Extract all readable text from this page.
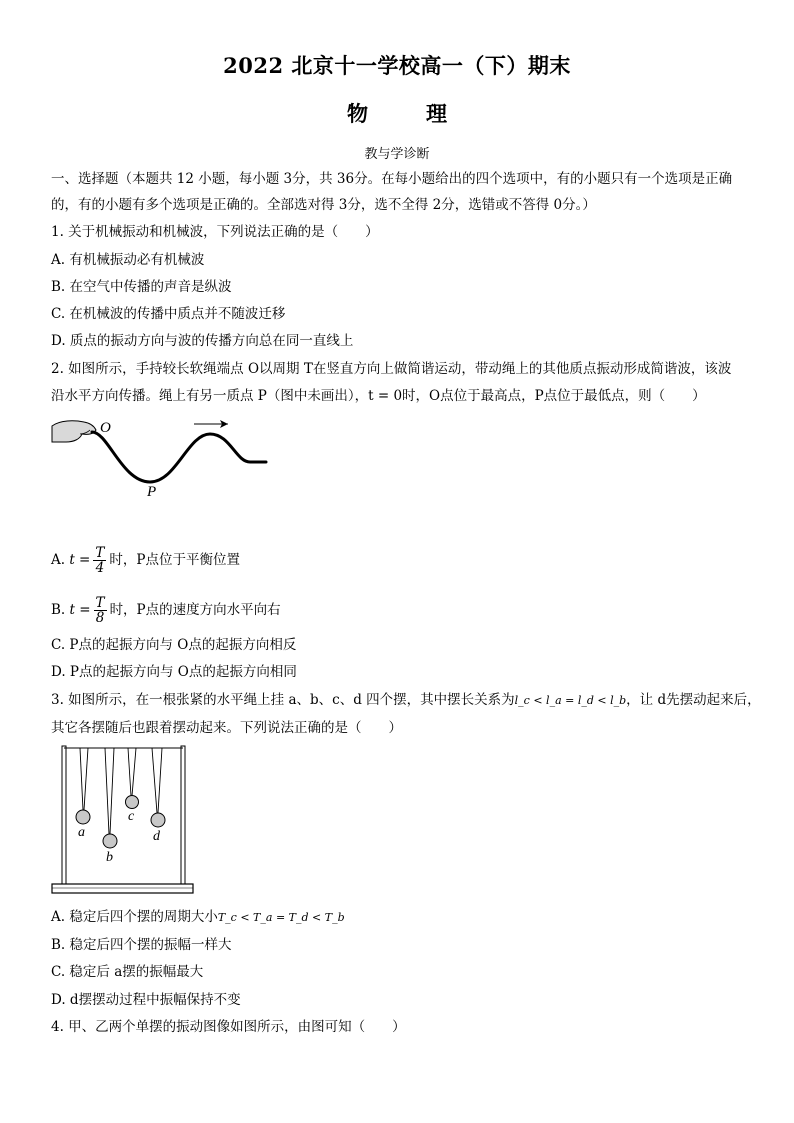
2022 北京十一学校高一（下）期末
物	理
教与学诊断
一、选择题（本题共 12 小题，每小题 3分，共 36分。在每小题给出的四个选项中，有的小题只有一个选项是正确
的，有的小题有多个选项是正确的。全部选对得 3分，选不全得 2分，选错或不答得 0分。）
1. 关于机械振动和机械波，下列说法正确的是（　　）
A. 有机械振动必有机械波
B. 在空气中传播的声音是纵波
C. 在机械波的传播中质点并不随波迁移
D. 质点的振动方向与波的传播方向总在同一直线上
2. 如图所示，手持较长软绳端点 O以周期 T在竖直方向上做简谐运动，带动绳上的其他质点振动形成简谐波，该波
沿水平方向传播。绳上有另一质点 P（图中未画出），t = 0时，O点位于最高点，P点位于最低点，则（　　）
O
P
A. $t = \frac{T}{4}$ 时，P点位于平衡位置
B. $t = \frac{T}{8}$ 时，P点的速度方向水平向右
C. P点的起振方向与 O点的起振方向相反
D. P点的起振方向与 O点的起振方向相同
3. 如图所示，在一根张紧的水平绳上挂 a、b、c、d 四个摆，其中摆长关系为l_c < l_a = l_d < l_b，让 d先摆动起来后，
其它各摆随后也跟着摆动起来。下列说法正确的是（　　）
a
b
c
d
A. 稳定后四个摆的周期大小T_c < T_a = T_d < T_b
B. 稳定后四个摆的振幅一样大
C. 稳定后 a摆的振幅最大
D. d摆摆动过程中振幅保持不变
4. 甲、乙两个单摆的振动图像如图所示，由图可知（　　）
